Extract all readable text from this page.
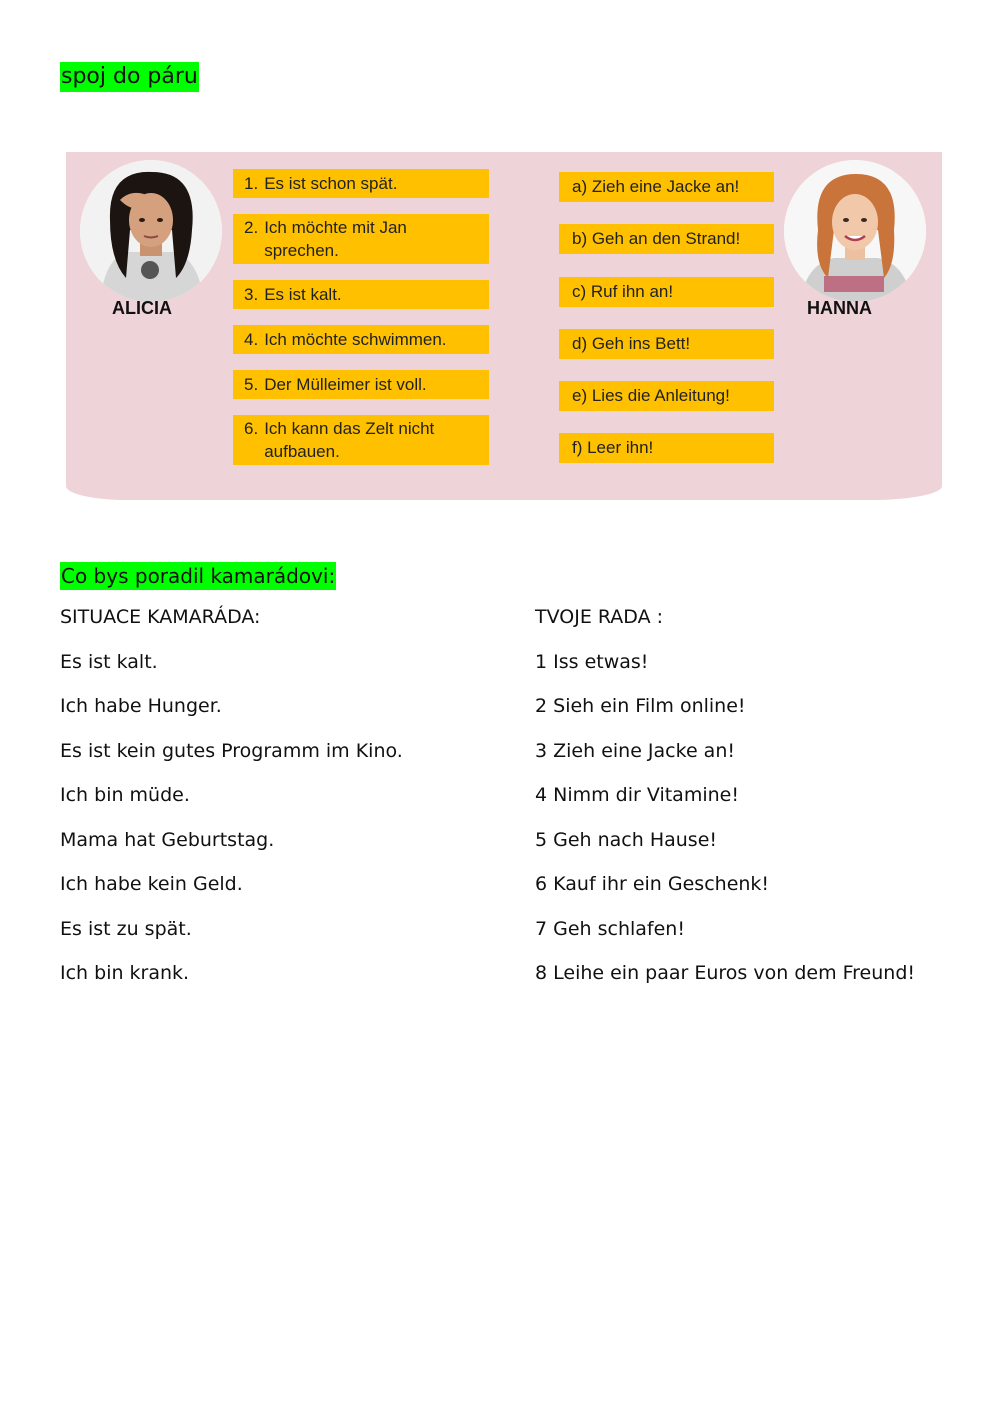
spoj do páru
ALICIA	HANNA
1. Es ist schon spät.
2. Ich möchte mit Jan sprechen.
3. Es ist kalt.
4. Ich möchte schwimmen.
5. Der Mülleimer ist voll.
6. Ich kann das Zelt nicht aufbauen.
a) Zieh eine Jacke an!
b) Geh an den Strand!
c) Ruf ihn an!
d) Geh ins Bett!
e) Lies die Anleitung!
f) Leer ihn!
Co bys poradil kamarádovi:
SITUACE KAMARÁDA:
Es ist kalt.
Ich habe Hunger.
Es ist kein gutes Programm im Kino.
Ich bin müde.
Mama hat Geburtstag.
Ich habe kein Geld.
Es ist zu spät.
Ich bin krank.
TVOJE RADA :
1 Iss etwas!
2 Sieh ein Film online!
3 Zieh eine Jacke an!
4 Nimm dir Vitamine!
5 Geh nach Hause!
6 Kauf ihr ein Geschenk!
7 Geh schlafen!
8 Leihe ein paar Euros von dem Freund!
